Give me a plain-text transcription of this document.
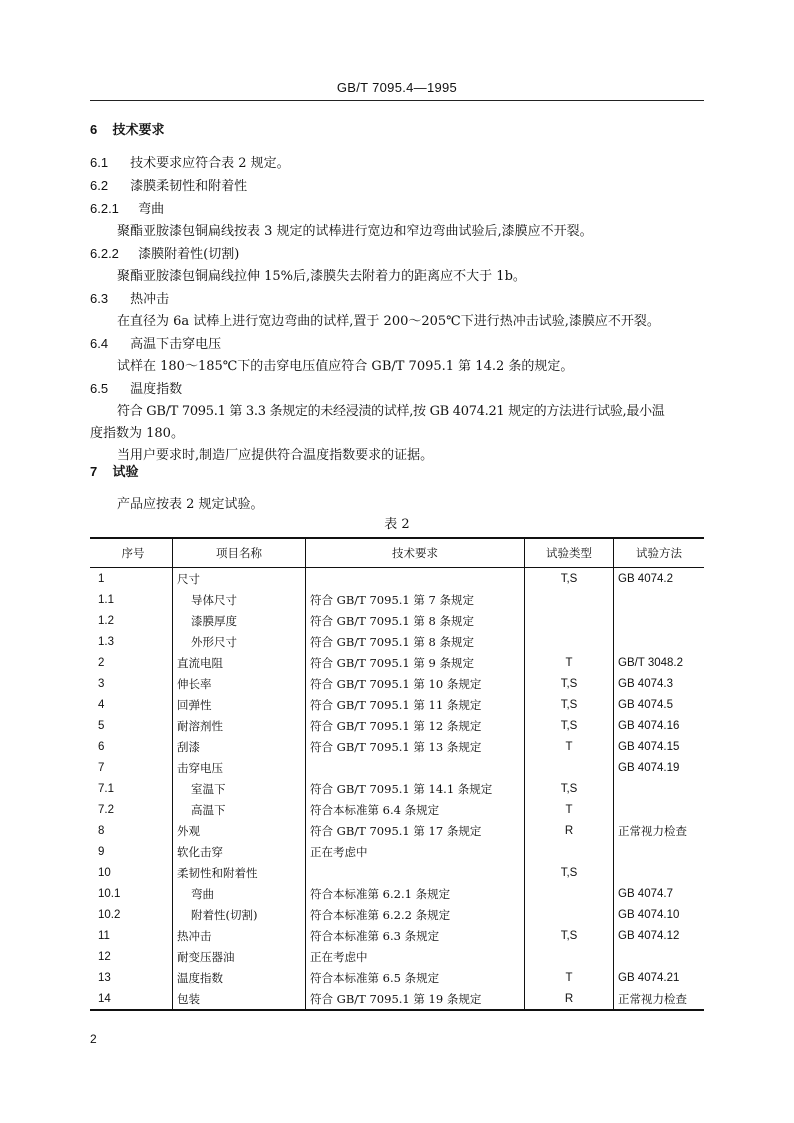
GB/T 7095.4—1995
6 技术要求
6.1 技术要求应符合表 2 规定。
6.2 漆膜柔韧性和附着性
6.2.1 弯曲
聚酯亚胺漆包铜扁线按表 3 规定的试棒进行宽边和窄边弯曲试验后,漆膜应不开裂。
6.2.2 漆膜附着性(切割)
聚酯亚胺漆包铜扁线拉伸 15%后,漆膜失去附着力的距离应不大于 1b。
6.3 热冲击
在直径为 6a 试棒上进行宽边弯曲的试样,置于 200～205℃下进行热冲击试验,漆膜应不开裂。
6.4 高温下击穿电压
试样在 180～185℃下的击穿电压值应符合 GB/T 7095.1 第 14.2 条的规定。
6.5 温度指数
符合 GB/T 7095.1 第 3.3 条规定的未经浸渍的试样,按 GB 4074.21 规定的方法进行试验,最小温
度指数为 180。
当用户要求时,制造厂应提供符合温度指数要求的证据。
7 试验
产品应按表 2 规定试验。
表 2
序号	项目名称	技术要求	试验类型	试验方法
1	尺寸		T,S	GB 4074.2
1.1	导体尺寸	符合 GB/T 7095.1 第 7 条规定		
1.2	漆膜厚度	符合 GB/T 7095.1 第 8 条规定		
1.3	外形尺寸	符合 GB/T 7095.1 第 8 条规定		
2	直流电阻	符合 GB/T 7095.1 第 9 条规定	T	GB/T 3048.2
3	伸长率	符合 GB/T 7095.1 第 10 条规定	T,S	GB 4074.3
4	回弹性	符合 GB/T 7095.1 第 11 条规定	T,S	GB 4074.5
5	耐溶剂性	符合 GB/T 7095.1 第 12 条规定	T,S	GB 4074.16
6	刮漆	符合 GB/T 7095.1 第 13 条规定	T	GB 4074.15
7	击穿电压			GB 4074.19
7.1	室温下	符合 GB/T 7095.1 第 14.1 条规定	T,S	
7.2	高温下	符合本标准第 6.4 条规定	T	
8	外观	符合 GB/T 7095.1 第 17 条规定	R	正常视力检查
9	软化击穿	正在考虑中		
10	柔韧性和附着性		T,S	
10.1	弯曲	符合本标准第 6.2.1 条规定		GB 4074.7
10.2	附着性(切割)	符合本标准第 6.2.2 条规定		GB 4074.10
11	热冲击	符合本标准第 6.3 条规定	T,S	GB 4074.12
12	耐变压器油	正在考虑中		
13	温度指数	符合本标准第 6.5 条规定	T	GB 4074.21
14	包装	符合 GB/T 7095.1 第 19 条规定	R	正常视力检查
2
